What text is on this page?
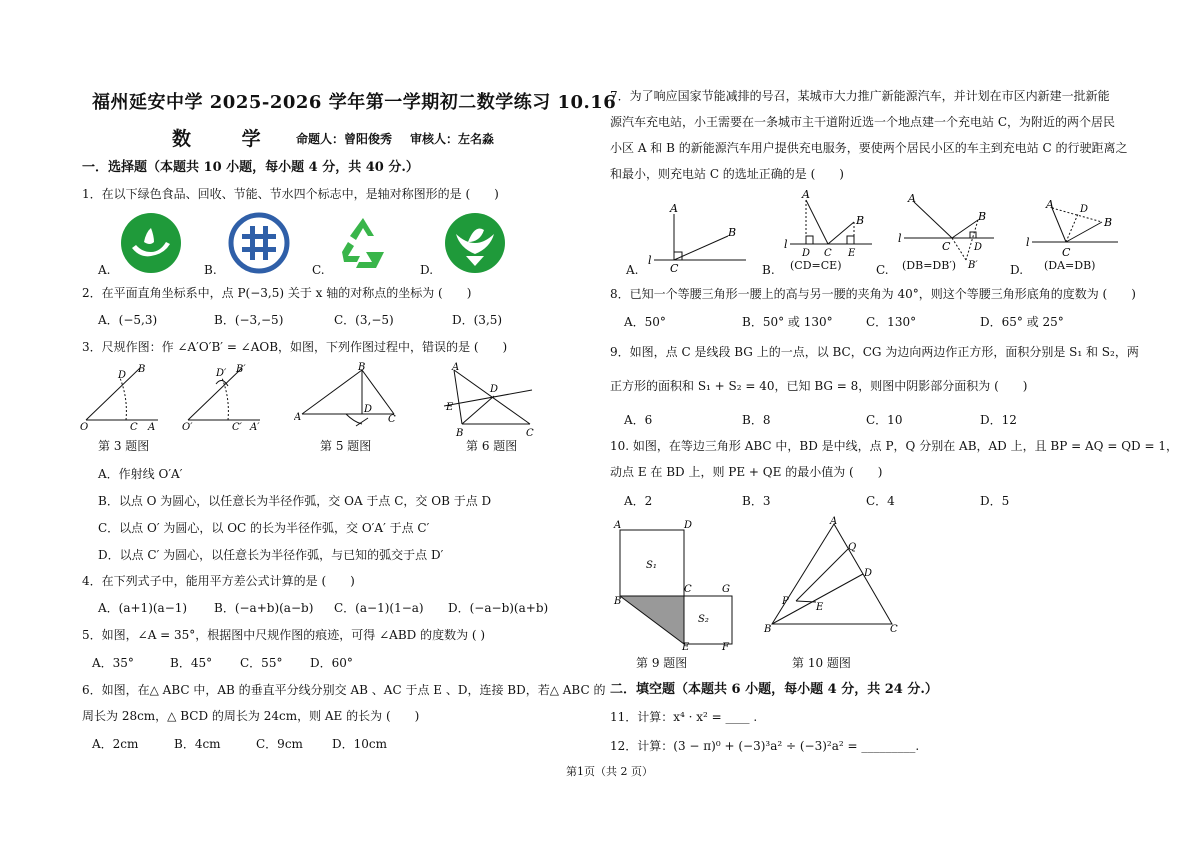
福州延安中学 2025-2026 学年第一学期初二数学练习 10.16
数 学 命题人：曾阳俊秀 审核人：左名淼
一．选择题（本题共 10 小题，每小题 4 分，共 40 分.）
1．在以下绿色食品、回收、节能、节水四个标志中，是轴对称图形的是 (　　)
A.	B.	C.	D.
2．在平面直角坐标系中，点 P(−3,5) 关于 x 轴的对称点的坐标为 (　　)
A．(−5,3)	B．(−3,−5)	C．(3,−5)	D．(3,5)
3．尺规作图：作 ∠A′O′B′ = ∠AOB，如图，下列作图过程中，错误的是 (　　)
O	C A
D
B
O′	C′ A′
D′ B′
A
B
D
C
A
D
E
B	C
第 3 题图	第 5 题图	第 6 题图
A．作射线 O′A′
B．以点 O 为圆心，以任意长为半径作弧，交 OA 于点 C，交 OB 于点 D
C．以点 O′ 为圆心，以 OC 的长为半径作弧，交 O′A′ 于点 C′
D．以点 C′ 为圆心，以任意长为半径作弧，与已知的弧交于点 D′
4．在下列式子中，能用平方差公式计算的是 (　　)
A．(a+1)(a−1) B．(−a+b)(a−b) C．(a−1)(1−a) D．(−a−b)(a+b)
5．如图，∠A = 35°，根据图中尺规作图的痕迹，可得 ∠ABD 的度数为 ( )
A．35°	B．45° C．55° D．60°
6．如图，在△ ABC 中，AB 的垂直平分线分别交 AB 、AC 于点 E 、D，连接 BD，若△ ABC 的
周长为 28cm，△ BCD 的周长为 24cm，则 AE 的长为 (　　)
A．2cm	B．4cm	C．9cm D．10cm
7．为了响应国家节能减排的号召，某城市大力推广新能源汽车，并计划在市区内新建一批新能
源汽车充电站，小王需要在一条城市主干道附近选一个地点建一个充电站 C，为附近的两个居民
小区 A 和 B 的新能源汽车用户提供充电服务，要使两个居民小区的车主到充电站 C 的行驶距离之
和最小，则充电站 C 的选址正确的是 (　　)
A
B
l
C
A
B
l
D C E
(CD=CE)
A
B
l
C D
B′
(DB=DB′)
A	D
B
l
C
(DA=DB)
A.	B.	C.	D.
8．已知一个等腰三角形一腰上的高与另一腰的夹角为 40°，则这个等腰三角形底角的度数为 (　　)
A．50°	B．50° 或 130°	C．130°	D．65° 或 25°
9．如图，点 C 是线段 BG 上的一点，以 BC，CG 为边向两边作正方形，面积分别是 S₁ 和 S₂，两
正方形的面积和 S₁ + S₂ = 40，已知 BG = 8，则图中阴影部分面积为 (　　)
A．6	B．8	C．10	D．12
10. 如图，在等边三角形 ABC 中，BD 是中线，点 P，Q 分别在 AB，AD 上，且 BP = AQ = QD = 1，
动点 E 在 BD 上，则 PE + QE 的最小值为 (　　)
A．2	B．3	C．4	D．5
A	D
S₁
C	G
B
S₂
E	F
第 9 题图
A
Q
D
P
E
B	C
第 10 题图
二．填空题（本题共 6 小题，每小题 4 分，共 24 分.）
11．计算：x⁴ · x² = ____ .
12．计算：(3 − π)⁰ + (−3)³a² ÷ (−3)²a² = _________.
第1页（共 2 页）
